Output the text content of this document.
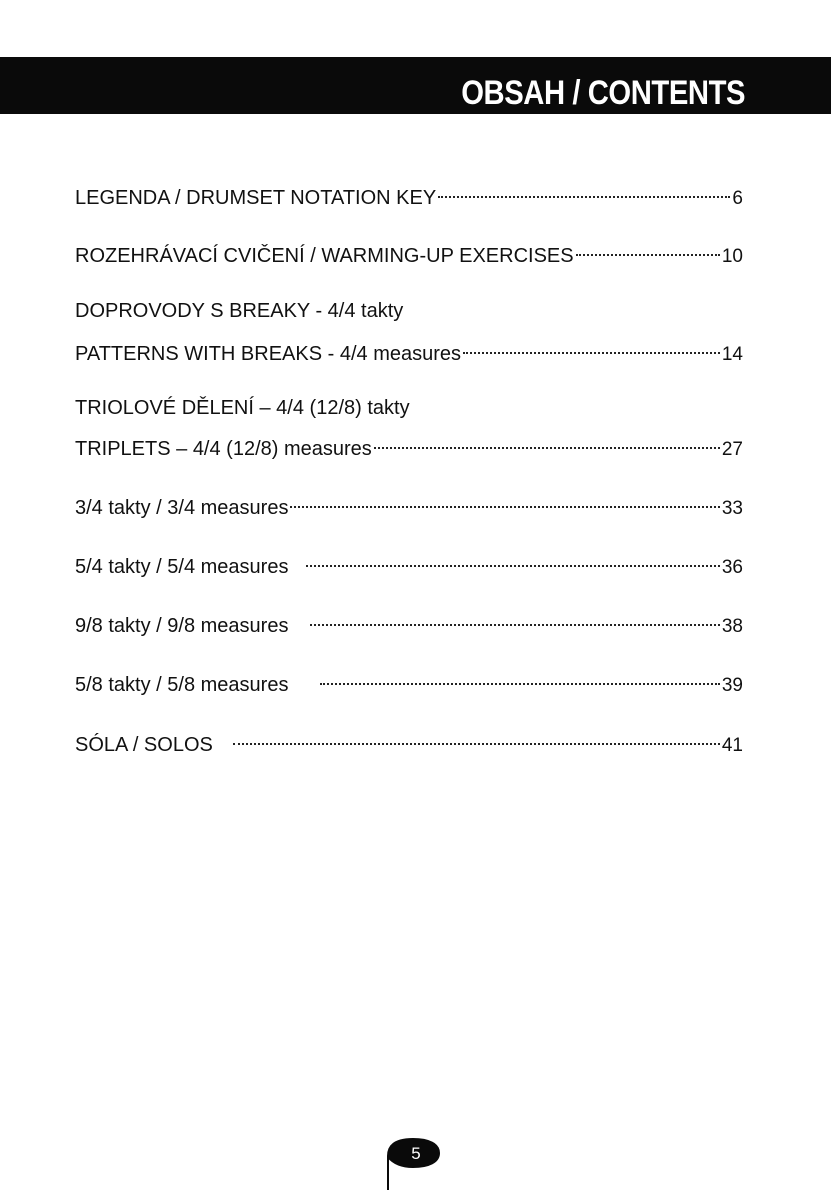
OBSAH / CONTENTS
LEGENDA / DRUMSET NOTATION KEY	6
ROZEHRÁVACÍ CVIČENÍ / WARMING-UP EXERCISES	10
DOPROVODY S BREAKY - 4/4 takty
PATTERNS WITH BREAKS - 4/4 measures	14
TRIOLOVÉ DĚLENÍ – 4/4 (12/8) takty
TRIPLETS – 4/4 (12/8) measures	27
3/4 takty / 3/4 measures	33
5/4 takty / 5/4 measures	36
9/8 takty / 9/8 measures	38
5/8 takty / 5/8 measures	39
SÓLA / SOLOS	41
5
